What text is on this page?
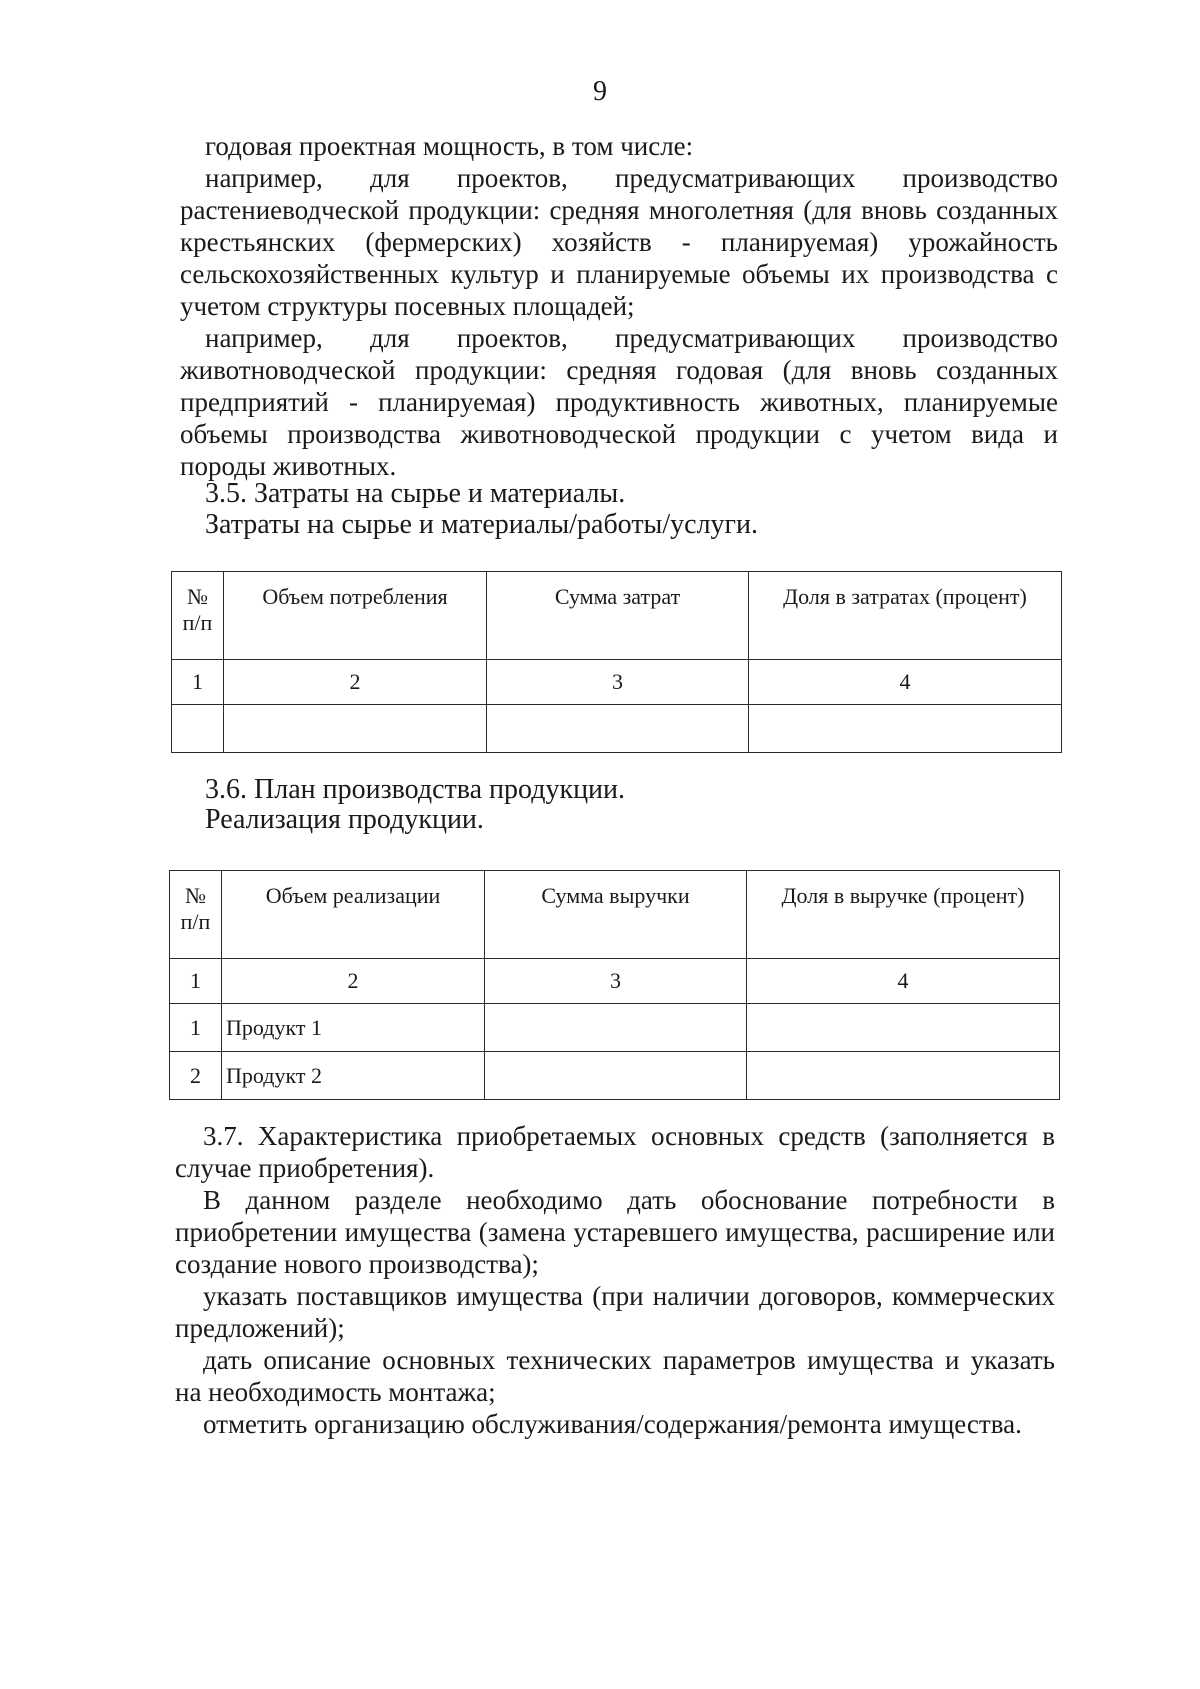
9

годовая проектная мощность, в том числе:

например, для проектов, предусматривающих производство растениеводческой продукции: средняя многолетняя (для вновь созданных крестьянских (фермерских) хозяйств - планируемая) урожайность сельскохозяйственных культур и планируемые объемы их производства с учетом структуры посевных площадей;

например, для проектов, предусматривающих производство животноводческой продукции: средняя годовая (для вновь созданных предприятий - планируемая) продуктивность животных, планируемые объемы производства животноводческой продукции с учетом вида и породы животных.

3.5. Затраты на сырье и материалы.
Затраты на сырье и материалы/работы/услуги.
№ п/п	Объем потребления	Сумма затрат	Доля в затратах (процент)
1	2	3	4

3.6. План производства продукции.
Реализация продукции.
№ п/п	Объем реализации	Сумма выручки	Доля в выручке (процент)
1	2	3	4
1	Продукт 1		
2	Продукт 2		

3.7. Характеристика приобретаемых основных средств (заполняется в случае приобретения).

В данном разделе необходимо дать обоснование потребности в приобретении имущества (замена устаревшего имущества, расширение или создание нового производства);

указать поставщиков имущества (при наличии договоров, коммерческих предложений);

дать описание основных технических параметров имущества и указать на необходимость монтажа;

отметить организацию обслуживания/содержания/ремонта имущества.
